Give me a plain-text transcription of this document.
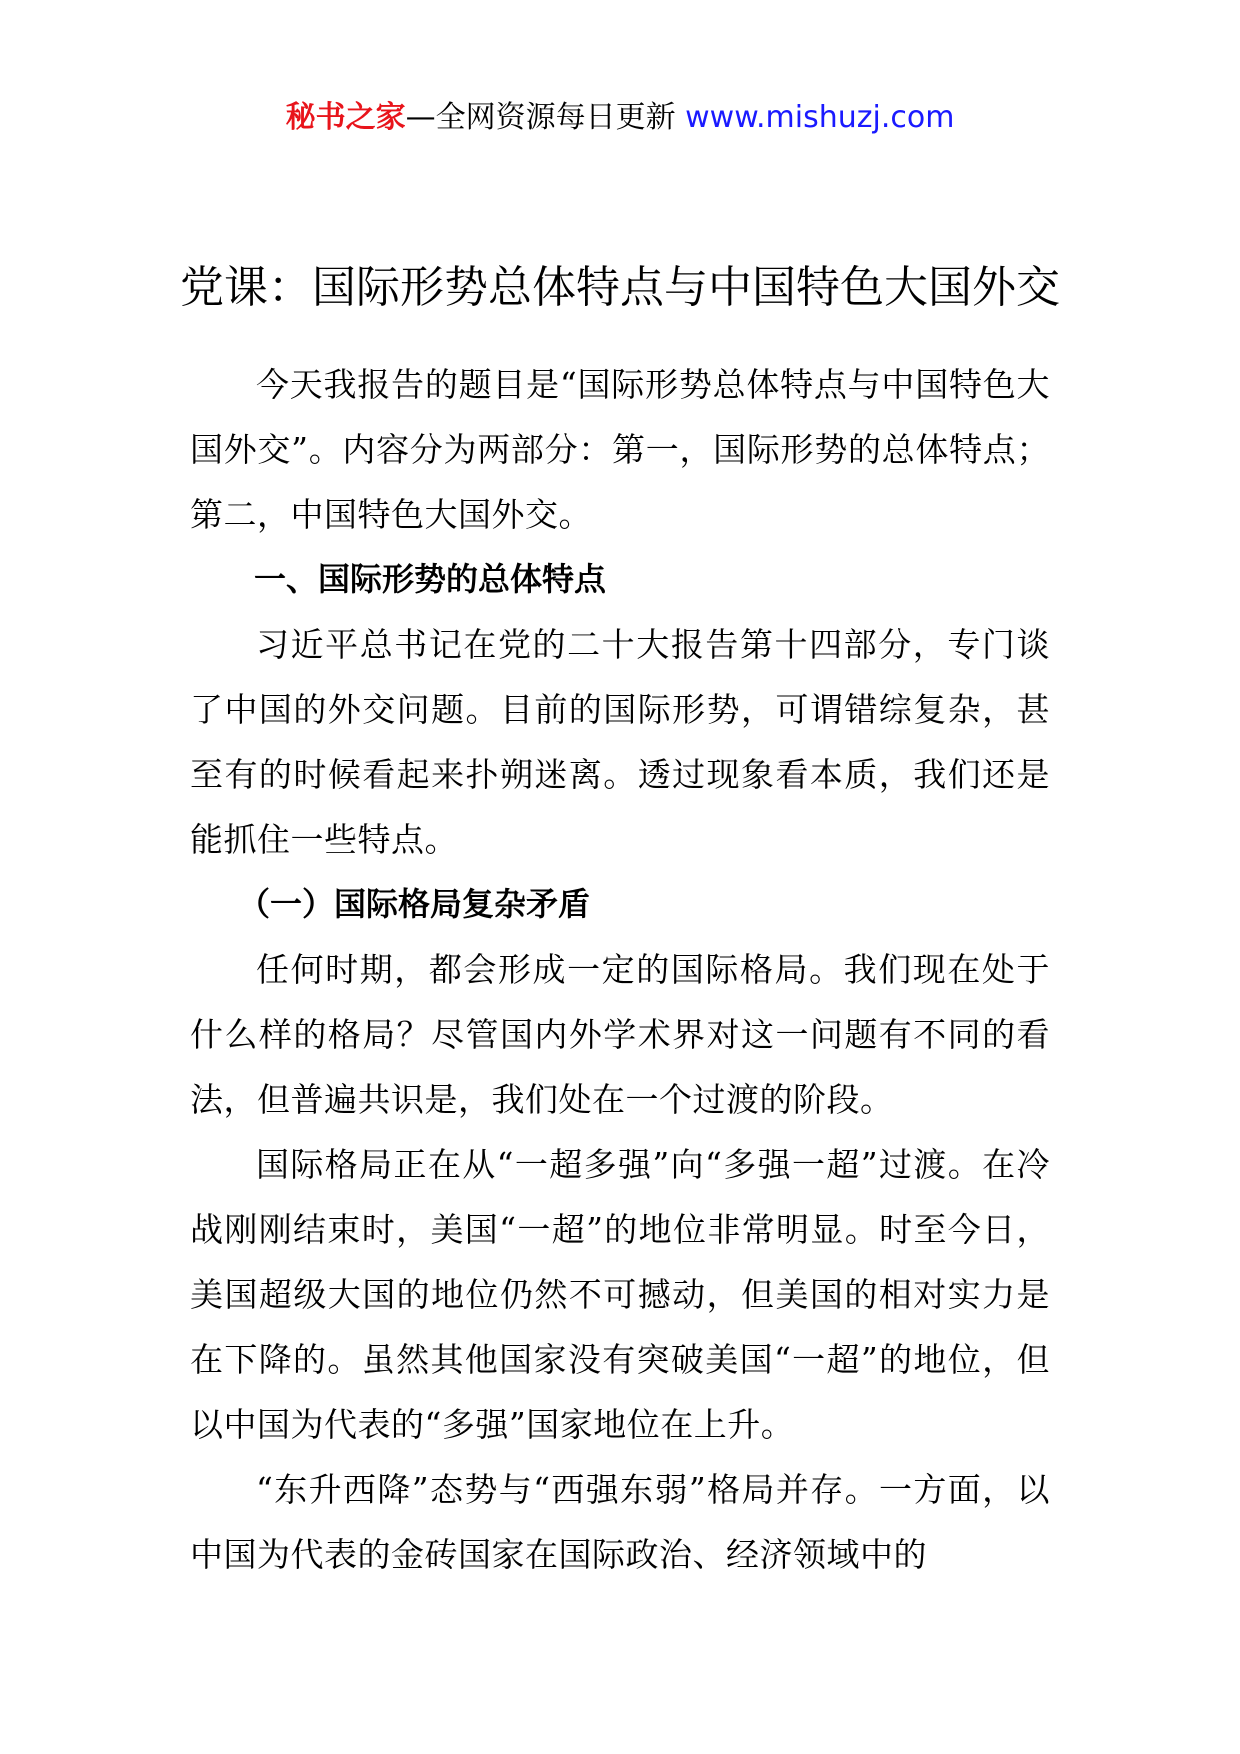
秘书之家—全网资源每日更新 www.mishuzj.com
党课：国际形势总体特点与中国特色大国外交

今天我报告的题目是“国际形势总体特点与中国特色大国外交”。内容分为两部分：第一，国际形势的总体特点；第二，中国特色大国外交。

一、国际形势的总体特点

习近平总书记在党的二十大报告第十四部分，专门谈了中国的外交问题。目前的国际形势，可谓错综复杂，甚至有的时候看起来扑朔迷离。透过现象看本质，我们还是能抓住一些特点。

（一）国际格局复杂矛盾

任何时期，都会形成一定的国际格局。我们现在处于什么样的格局？尽管国内外学术界对这一问题有不同的看法，但普遍共识是，我们处在一个过渡的阶段。

国际格局正在从“一超多强”向“多强一超”过渡。在冷战刚刚结束时，美国“一超”的地位非常明显。时至今日，美国超级大国的地位仍然不可撼动，但美国的相对实力是在下降的。虽然其他国家没有突破美国“一超”的地位，但以中国为代表的“多强”国家地位在上升。

“东升西降”态势与“西强东弱”格局并存。一方面，以中国为代表的金砖国家在国际政治、经济领域中的
